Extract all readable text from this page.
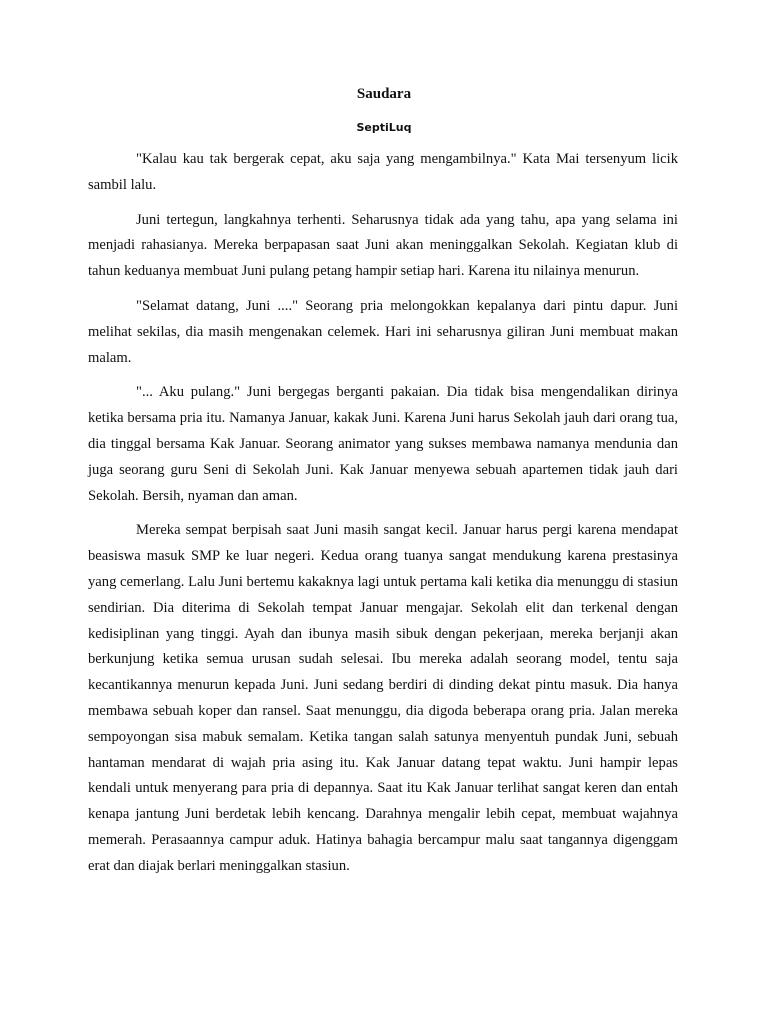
Saudara
SeptiLuq

"Kalau kau tak bergerak cepat, aku saja yang mengambilnya." Kata Mai tersenyum licik sambil lalu.

Juni tertegun, langkahnya terhenti. Seharusnya tidak ada yang tahu, apa yang selama ini menjadi rahasianya. Mereka berpapasan saat Juni akan meninggalkan Sekolah. Kegiatan klub di tahun keduanya membuat Juni pulang petang hampir setiap hari. Karena itu nilainya menurun.

"Selamat datang, Juni ...." Seorang pria melongokkan kepalanya dari pintu dapur. Juni melihat sekilas, dia masih mengenakan celemek. Hari ini seharusnya giliran Juni membuat makan malam.

"... Aku pulang." Juni bergegas berganti pakaian. Dia tidak bisa mengendalikan dirinya ketika bersama pria itu. Namanya Januar, kakak Juni. Karena Juni harus Sekolah jauh dari orang tua, dia tinggal bersama Kak Januar. Seorang animator yang sukses membawa namanya mendunia dan juga seorang guru Seni di Sekolah Juni. Kak Januar menyewa sebuah apartemen tidak jauh dari Sekolah. Bersih, nyaman dan aman.

Mereka sempat berpisah saat Juni masih sangat kecil. Januar harus pergi karena mendapat beasiswa masuk SMP ke luar negeri. Kedua orang tuanya sangat mendukung karena prestasinya yang cemerlang. Lalu Juni bertemu kakaknya lagi untuk pertama kali ketika dia menunggu di stasiun sendirian. Dia diterima di Sekolah tempat Januar mengajar. Sekolah elit dan terkenal dengan kedisiplinan yang tinggi. Ayah dan ibunya masih sibuk dengan pekerjaan, mereka berjanji akan berkunjung ketika semua urusan sudah selesai. Ibu mereka adalah seorang model, tentu saja kecantikannya menurun kepada Juni. Juni sedang berdiri di dinding dekat pintu masuk. Dia hanya membawa sebuah koper dan ransel. Saat menunggu, dia digoda beberapa orang pria. Jalan mereka sempoyongan sisa mabuk semalam. Ketika tangan salah satunya menyentuh pundak Juni, sebuah hantaman mendarat di wajah pria asing itu. Kak Januar datang tepat waktu. Juni hampir lepas kendali untuk menyerang para pria di depannya. Saat itu Kak Januar terlihat sangat keren dan entah kenapa jantung Juni berdetak lebih kencang. Darahnya mengalir lebih cepat, membuat wajahnya memerah. Perasaannya campur aduk. Hatinya bahagia bercampur malu saat tangannya digenggam erat dan diajak berlari meninggalkan stasiun.
